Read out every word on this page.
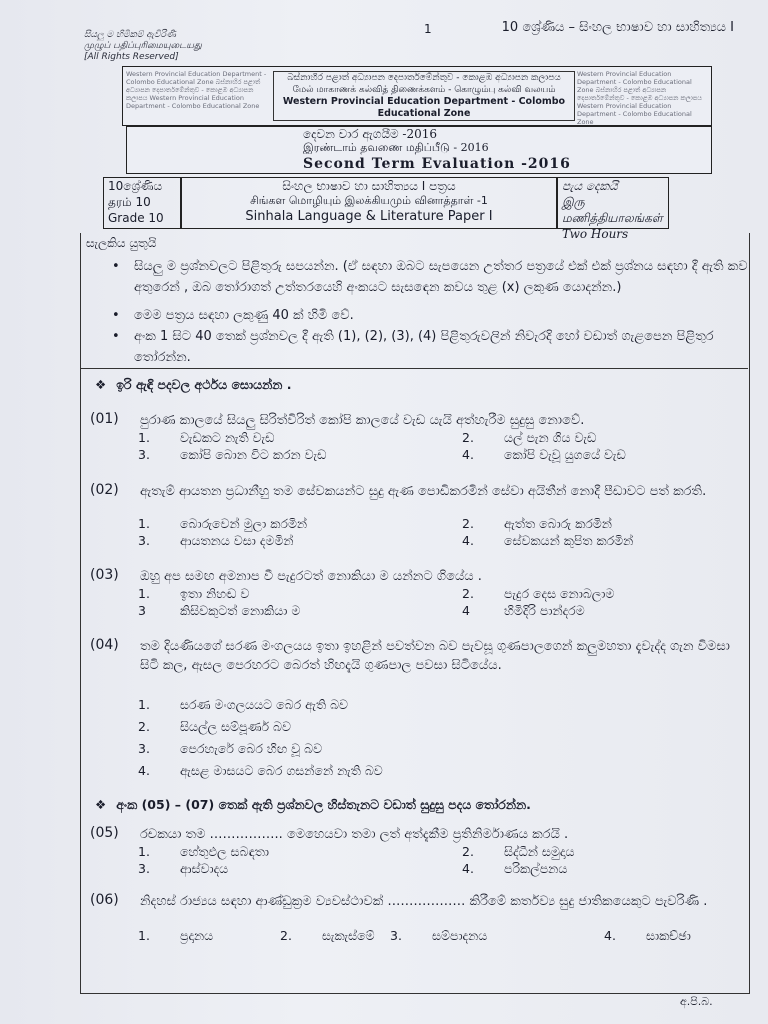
සියලු ම හිමිකම් ඇවිරිණි
முழுப் பதிப்புரிமையுடையது
[All Rights Reserved]
1	10 ශ්‍රේණිය – සිංහල භාෂාව හා සාහිත්‍යය I
Western Provincial Education Department - Colombo Educational Zone බස්නාහිර පළාත් අධ්‍යාපන දෙපාර්තමේන්තුව - කොළඹ අධ්‍යාපන කලාපය Western Provincial Education Department - Colombo Educational Zone
බස්නාහිර පළාත් අධ්‍යාපන දෙපාර්තමේන්තුව - කොළඹ අධ්‍යාපන කලාපය
மேல் மாகாணக் கல்வித் திணைக்களம் - கொழும்பு கல்வி வலயம்
Western Provincial Education Department - Colombo Educational Zone
Western Provincial Education Department - Colombo Educational Zone බස්නාහිර පළාත් අධ්‍යාපන දෙපාර්තමේන්තුව - කොළඹ අධ්‍යාපන කලාපය Western Provincial Education Department - Colombo Educational Zone
දෙවන වාර ඇගයීම -2016
இரண்டாம் தவணை மதிப்பீடு - 2016
Second Term Evaluation -2016
10ශ්‍රේණිය
தரம் 10
Grade 10
සිංහල භාෂාව හා සාහිත්‍යය I පත්‍රය
சிங்கள மொழியும் இலக்கியமும் வினாத்தாள் -1
Sinhala Language & Literature Paper I
පැය දෙකයි
இரு மணித்தியாலங்கள்
Two Hours
සැලකිය යුතුයි
• සියලු ම ප්‍රශ්නවලට පිළිතුරු සපයන්න. (ඒ සඳහා ඔබට සැපයෙන උත්තර පත්‍රයේ එක් එක් ප්‍රශ්නය සඳහා දී ඇති කව අතුරෙන් , ඔබ තෝරාගත් උත්තරයෙහි අංකයට සැසඳෙන කවය තුළ (x) ලකුණ යොදන්න.)
• මෙම පත්‍රය සඳහා ලකුණු 40 ක් හිමි වේ.
• අංක 1 සිට 40 තෙක් ප්‍රශ්නවල දී ඇති (1), (2), (3), (4) පිළිතුරුවලින් නිවැරදි හෝ වඩාත් ගැළපෙන පිළිතුර තෝරන්න.
❖ ඉරි ඇඳි පදවල අර්ථය සොයන්න .
(01) පුරාණ කාලයේ සියලු සිරිත්විරිත් කෝපි කාලයේ වැඩ යැයි අත්හැරීම සුදුසු නොවේ.
1. වැඩකට නැති වැඩ	2. යල් පැන ගිය වැඩ
3. කෝපි බොන විට කරන වැඩ	4. කෝපි වැවූ යුගයේ වැඩ
(02) ඇතැම් ආයතන ප්‍රධානීහු තම සේවකයන්ට සුදු ඇණ පොඩිකරමින් සේවා අයිතීන් නොදී පීඩාවට පත් කරති.
1. බොරුවෙන් මුලා කරමින්	2. ඇත්ත බොරු කරමින්
3. ආයතනය වසා දමමින්	4. සේවකයන් කුපිත කරමින්
(03) ඔහු අප සමඟ අමනාප වී පැදුරටත් නොකියා ම යන්නට ගියේය .
1. ඉතා නිහඬ ව	2. පැදුර දෙස නොබලාම
3	කිසිවකුටත් නොකියා ම	4	හිමිදිරි පාන්දරම
(04) තම දියණියගේ සරණ මංගලයය ඉතා ඉහළින් පවත්වන බව පැවසූ ගුණපාලගෙන් කලුමහතා දැවැද්ද ගැන විමසා සිටි කල, ඇසල පෙරහරට බෙරත් හිඟදැයි ගුණපාල පවසා සිටියේය.
1. සරණ මංගලයයට බෙර ඇති බව
2. සියල්ල සම්පූර්ණ බව
3. පෙරහැරේ බෙර හිඟ වූ බව
4. ඇසළ මාසයට බෙර ගසන්නේ නැති බව
❖ අංක (05) – (07) තෙක් ඇති ප්‍රශ්නවල හිස්තැනට වඩාත් සුදුසු පදය තෝරන්න.
(05) රචකයා තම …………….. මෙහෙයවා තමා ලත් අත්දැකීම ප්‍රතිනිර්මාණය කරයි .
1. හේතුඵල සබඳතා	2. සිද්ධීන් සමුදාය
3. ආස්වාදය	4. පරිකල්පනය
(06) නිදහස් රාජ්‍යය සඳහා ආණ්ඩුක්‍රම ව්‍යවස්ථාවක් ……………… කිරීමේ කර්තව්‍ය සුදු ජාතිකයෙකුට පැවරිණි .
1. ප්‍රදානය	2. සැකැස්මේ 3. සම්පාදනය	4. සාකච්ඡා
අ.පි.බ.
